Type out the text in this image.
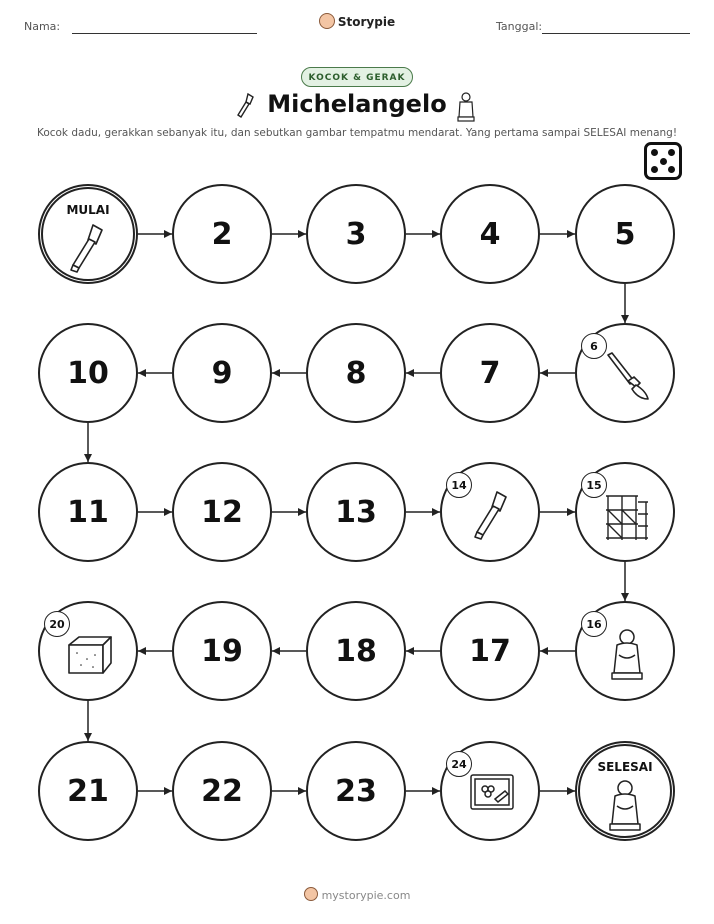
Nama:	Storypie	Tanggal:
KOCOK & GERAK
Michelangelo
Kocok dadu, gerakkan sebanyak itu, dan sebutkan gambar tempatmu mendarat. Yang pertama sampai SELESAI menang!
MULAI
2	3	4	5
6
7
8
9
10
11	12	13
14	15
16
17
18
19
20
21	22	23
24	SELESAI
mystorypie.com
